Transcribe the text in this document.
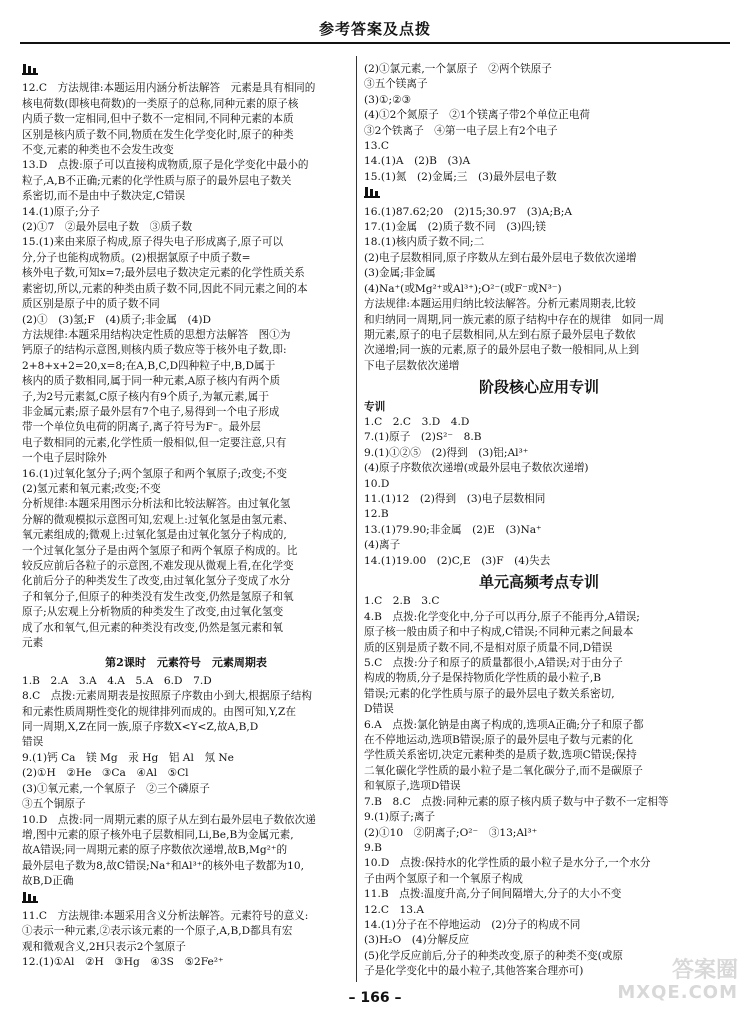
参考答案及点拨
12.C　方法规律:本题运用内涵分析法解答　元素是具有相同的
核电荷数(即核电荷数)的一类原子的总称,同种元素的原子核
内质子数一定相同,但中子数不一定相同,不同种元素的本质
区别是核内质子数不同,物质在发生化学变化时,原子的种类
不变,元素的种类也不会发生改变
13.D　点拨:原子可以直接构成物质,原子是化学变化中最小的
粒子,A,B不正确;元素的化学性质与原子的最外层电子数关
系密切,而不是由中子数决定,C错误
14.(1)原子;分子
(2)①7　②最外层电子数　③质子数
15.(1)来由来原子构成,原子得失电子形成离子,原子可以
分,分子也能构成物质。(2)根据氯原子中质子数=
核外电子数,可知x=7;最外层电子数决定元素的化学性质关系
素密切,所以,元素的种类由质子数不同,因此不同元素之间的本
质区别是原子中的质子数不同
(2)①　(3)氢;F　(4)质子;非金属　(4)D
方法规律:本题采用结构决定性质的思想方法解答　图①为
钙原子的结构示意图,则核内质子数应等于核外电子数,即:
2+8+x+2=20,x=8;在A,B,C,D四种粒子中,B,D属于
核内的质子数相同,属于同一种元素,A原子核内有两个质
子,为2号元素氦,C原子核内有9个质子,为氟元素,属于
非金属元素;原子最外层有7个电子,易得到一个电子形成
带一个单位负电荷的阴离子,离子符号为F⁻。最外层
电子数相同的元素,化学性质一般相似,但一定要注意,只有
一个电子层时除外
16.(1)过氧化氢分子;两个氢原子和两个氧原子;改变;不变
(2)氢元素和氧元素;改变;不变
分析规律:本题采用图示分析法和比较法解答。由过氧化氢
分解的微观模拟示意图可知,宏观上:过氧化氢是由氢元素、
氧元素组成的;微观上:过氧化氢是由过氧化氢分子构成的,
一个过氧化氢分子是由两个氢原子和两个氧原子构成的。比
较反应前后各粒子的示意图,不难发现从微观上看,在化学变
化前后分子的种类发生了改变,由过氧化氢分子变成了水分
子和氧分子,但原子的种类没有发生改变,仍然是氢原子和氧
原子;从宏观上分析物质的种类发生了改变,由过氧化氢变
成了水和氧气,但元素的种类没有改变,仍然是氢元素和氧
元素
第2课时　元素符号　元素周期表
1.B　2.A　3.A　4.A　5.A　6.D　7.D
8.C　点拨:元素周期表是按照原子序数由小到大,根据原子结构
和元素性质周期性变化的规律排列而成的。由图可知,Y,Z在
同一周期,X,Z在同一族,原子序数X<Y<Z,故A,B,D
错误
9.(1)钙 Ca　镁 Mg　汞 Hg　铝 Al　氖 Ne
(2)①H　②He　③Ca　④Al　⑤Cl
(3)①氧元素,一个氧原子　②三个磷原子
③五个铜原子
10.D　点拨:同一周期元素的原子从左到右最外层电子数依次递
增,图中元素的原子核外电子层数相同,Li,Be,B为金属元素,
故A错误;同一周期元素的原子序数依次递增,故B,Mg²⁺的
最外层电子数为8,故C错误;Na⁺和Al³⁺的核外电子数都为10,
故B,D正确
11.C　方法规律:本题采用含义分析法解答。元素符号的意义:
①表示一种元素,②表示该元素的一个原子,A,B,D都具有宏
观和微观含义,2H只表示2个氢原子
12.(1)①Al　②H　③Hg　④3S　⑤2Fe²⁺
(2)①氯元素,一个氯原子　②两个铁原子
③五个镁离子
(3)①;②③
(4)①2个氮原子　②1个镁离子带2个单位正电荷
③2个铁离子　④第一电子层上有2个电子
13.C
14.(1)A　(2)B　(3)A
15.(1)氮　(2)金属;三　(3)最外层电子数
16.(1)87.62;20　(2)15;30.97　(3)A;B;A
17.(1)金属　(2)质子数不同　(3)四;镁
18.(1)核内质子数不同;二
(2)电子层数相同,原子序数从左到右最外层电子数依次递增
(3)金属;非金属
(4)Na⁺(或Mg²⁺或Al³⁺);O²⁻(或F⁻或N³⁻)
方法规律:本题运用归纳比较法解答。分析元素周期表,比较
和归纳同一周期,同一族元素的原子结构中存在的规律　如同一周
期元素,原子的电子层数相同,从左到右原子最外层电子数依
次递增;同一族的元素,原子的最外层电子数一般相同,从上到
下电子层数依次递增
阶段核心应用专训
专训
1.C　2.C　3.D　4.D
7.(1)原子　(2)S²⁻　8.B
9.(1)①②⑤　(2)得到　(3)铝;Al³⁺
(4)原子序数依次递增(或最外层电子数依次递增)
10.D
11.(1)12　(2)得到　(3)电子层数相同
12.B
13.(1)79.90;非金属　(2)E　(3)Na⁺
(4)离子
14.(1)19.00　(2)C,E　(3)F　(4)失去
单元高频考点专训
1.C　2.B　3.C
4.B　点拨:化学变化中,分子可以再分,原子不能再分,A错误;
原子核一般由质子和中子构成,C错误;不同种元素之间最本
质的区别是质子数不同,不是相对原子质量不同,D错误
5.C　点拨:分子和原子的质量都很小,A错误;对于由分子
构成的物质,分子是保持物质化学性质的最小粒子,B
错误;元素的化学性质与原子的最外层电子数关系密切,
D错误
6.A　点拨:氯化钠是由离子构成的,选项A正确;分子和原子都
在不停地运动,选项B错误;原子的最外层电子数与元素的化
学性质关系密切,决定元素种类的是质子数,选项C错误;保持
二氧化碳化学性质的最小粒子是二氧化碳分子,而不是碳原子
和氧原子,选项D错误
7.B　8.C　点拨:同种元素的原子核内质子数与中子数不一定相等
9.(1)原子;离子
(2)①10　②阴离子;O²⁻　③13;Al³⁺
9.B
10.D　点拨:保持水的化学性质的最小粒子是水分子,一个水分
子由两个氢原子和一个氧原子构成
11.B　点拨:温度升高,分子间间隔增大,分子的大小不变
12.C　13.A
14.(1)分子在不停地运动　(2)分子的构成不同
(3)H₂O　(4)分解反应
(5)化学反应前后,分子的种类改变,原子的种类不变(或原
子是化学变化中的最小粒子,其他答案合理亦可)
– 166 –
答案圈
MXQE.COM
